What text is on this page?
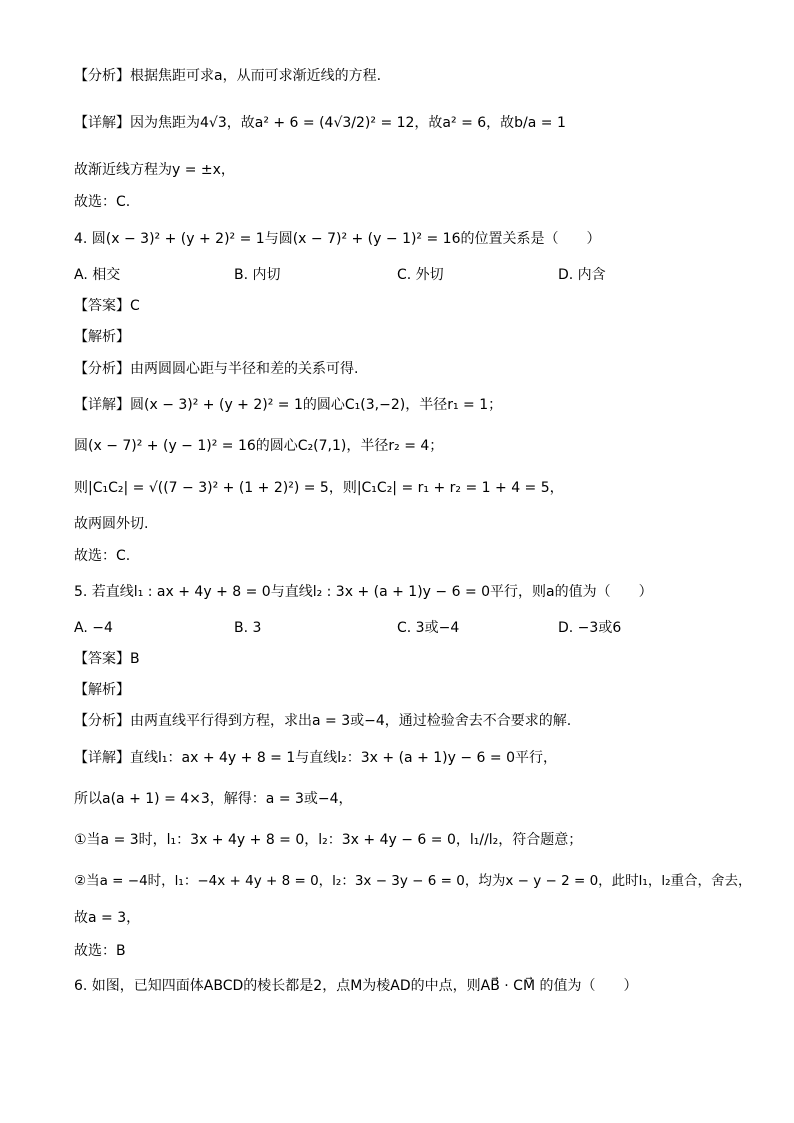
【分析】根据焦距可求a，从而可求渐近线的方程.
【详解】因为焦距为4√3，故a² + 6 = (4√3/2)² = 12，故a² = 6，故b/a = 1
故渐近线方程为y = ±x，
故选：C.
4. 圆(x − 3)² + (y + 2)² = 1与圆(x − 7)² + (y − 1)² = 16的位置关系是（　　）
A. 相交	B. 内切	C. 外切	D. 内含
【答案】C
【解析】
【分析】由两圆圆心距与半径和差的关系可得.
【详解】圆(x − 3)² + (y + 2)² = 1的圆心C₁(3,−2)，半径r₁ = 1；
圆(x − 7)² + (y − 1)² = 16的圆心C₂(7,1)，半径r₂ = 4；
则|C₁C₂| = √((7 − 3)² + (1 + 2)²) = 5，则|C₁C₂| = r₁ + r₂ = 1 + 4 = 5，
故两圆外切.
故选：C.
5. 若直线l₁ : ax + 4y + 8 = 0与直线l₂ : 3x + (a + 1)y − 6 = 0平行，则a的值为（　　）
A. −4	B. 3	C. 3或−4	D. −3或6
【答案】B
【解析】
【分析】由两直线平行得到方程，求出a = 3或−4，通过检验舍去不合要求的解.
【详解】直线l₁：ax + 4y + 8 = 1与直线l₂：3x + (a + 1)y − 6 = 0平行，
所以a(a + 1) = 4×3，解得：a = 3或−4，
①当a = 3时，l₁：3x + 4y + 8 = 0，l₂：3x + 4y − 6 = 0，l₁//l₂，符合题意；
②当a = −4时，l₁：−4x + 4y + 8 = 0，l₂：3x − 3y − 6 = 0，均为x − y − 2 = 0，此时l₁，l₂重合，舍去，
故a = 3，
故选：B
6. 如图，已知四面体ABCD的棱长都是2，点M为棱AD的中点，则AB⃗ · CM⃗ 的值为（　　）
